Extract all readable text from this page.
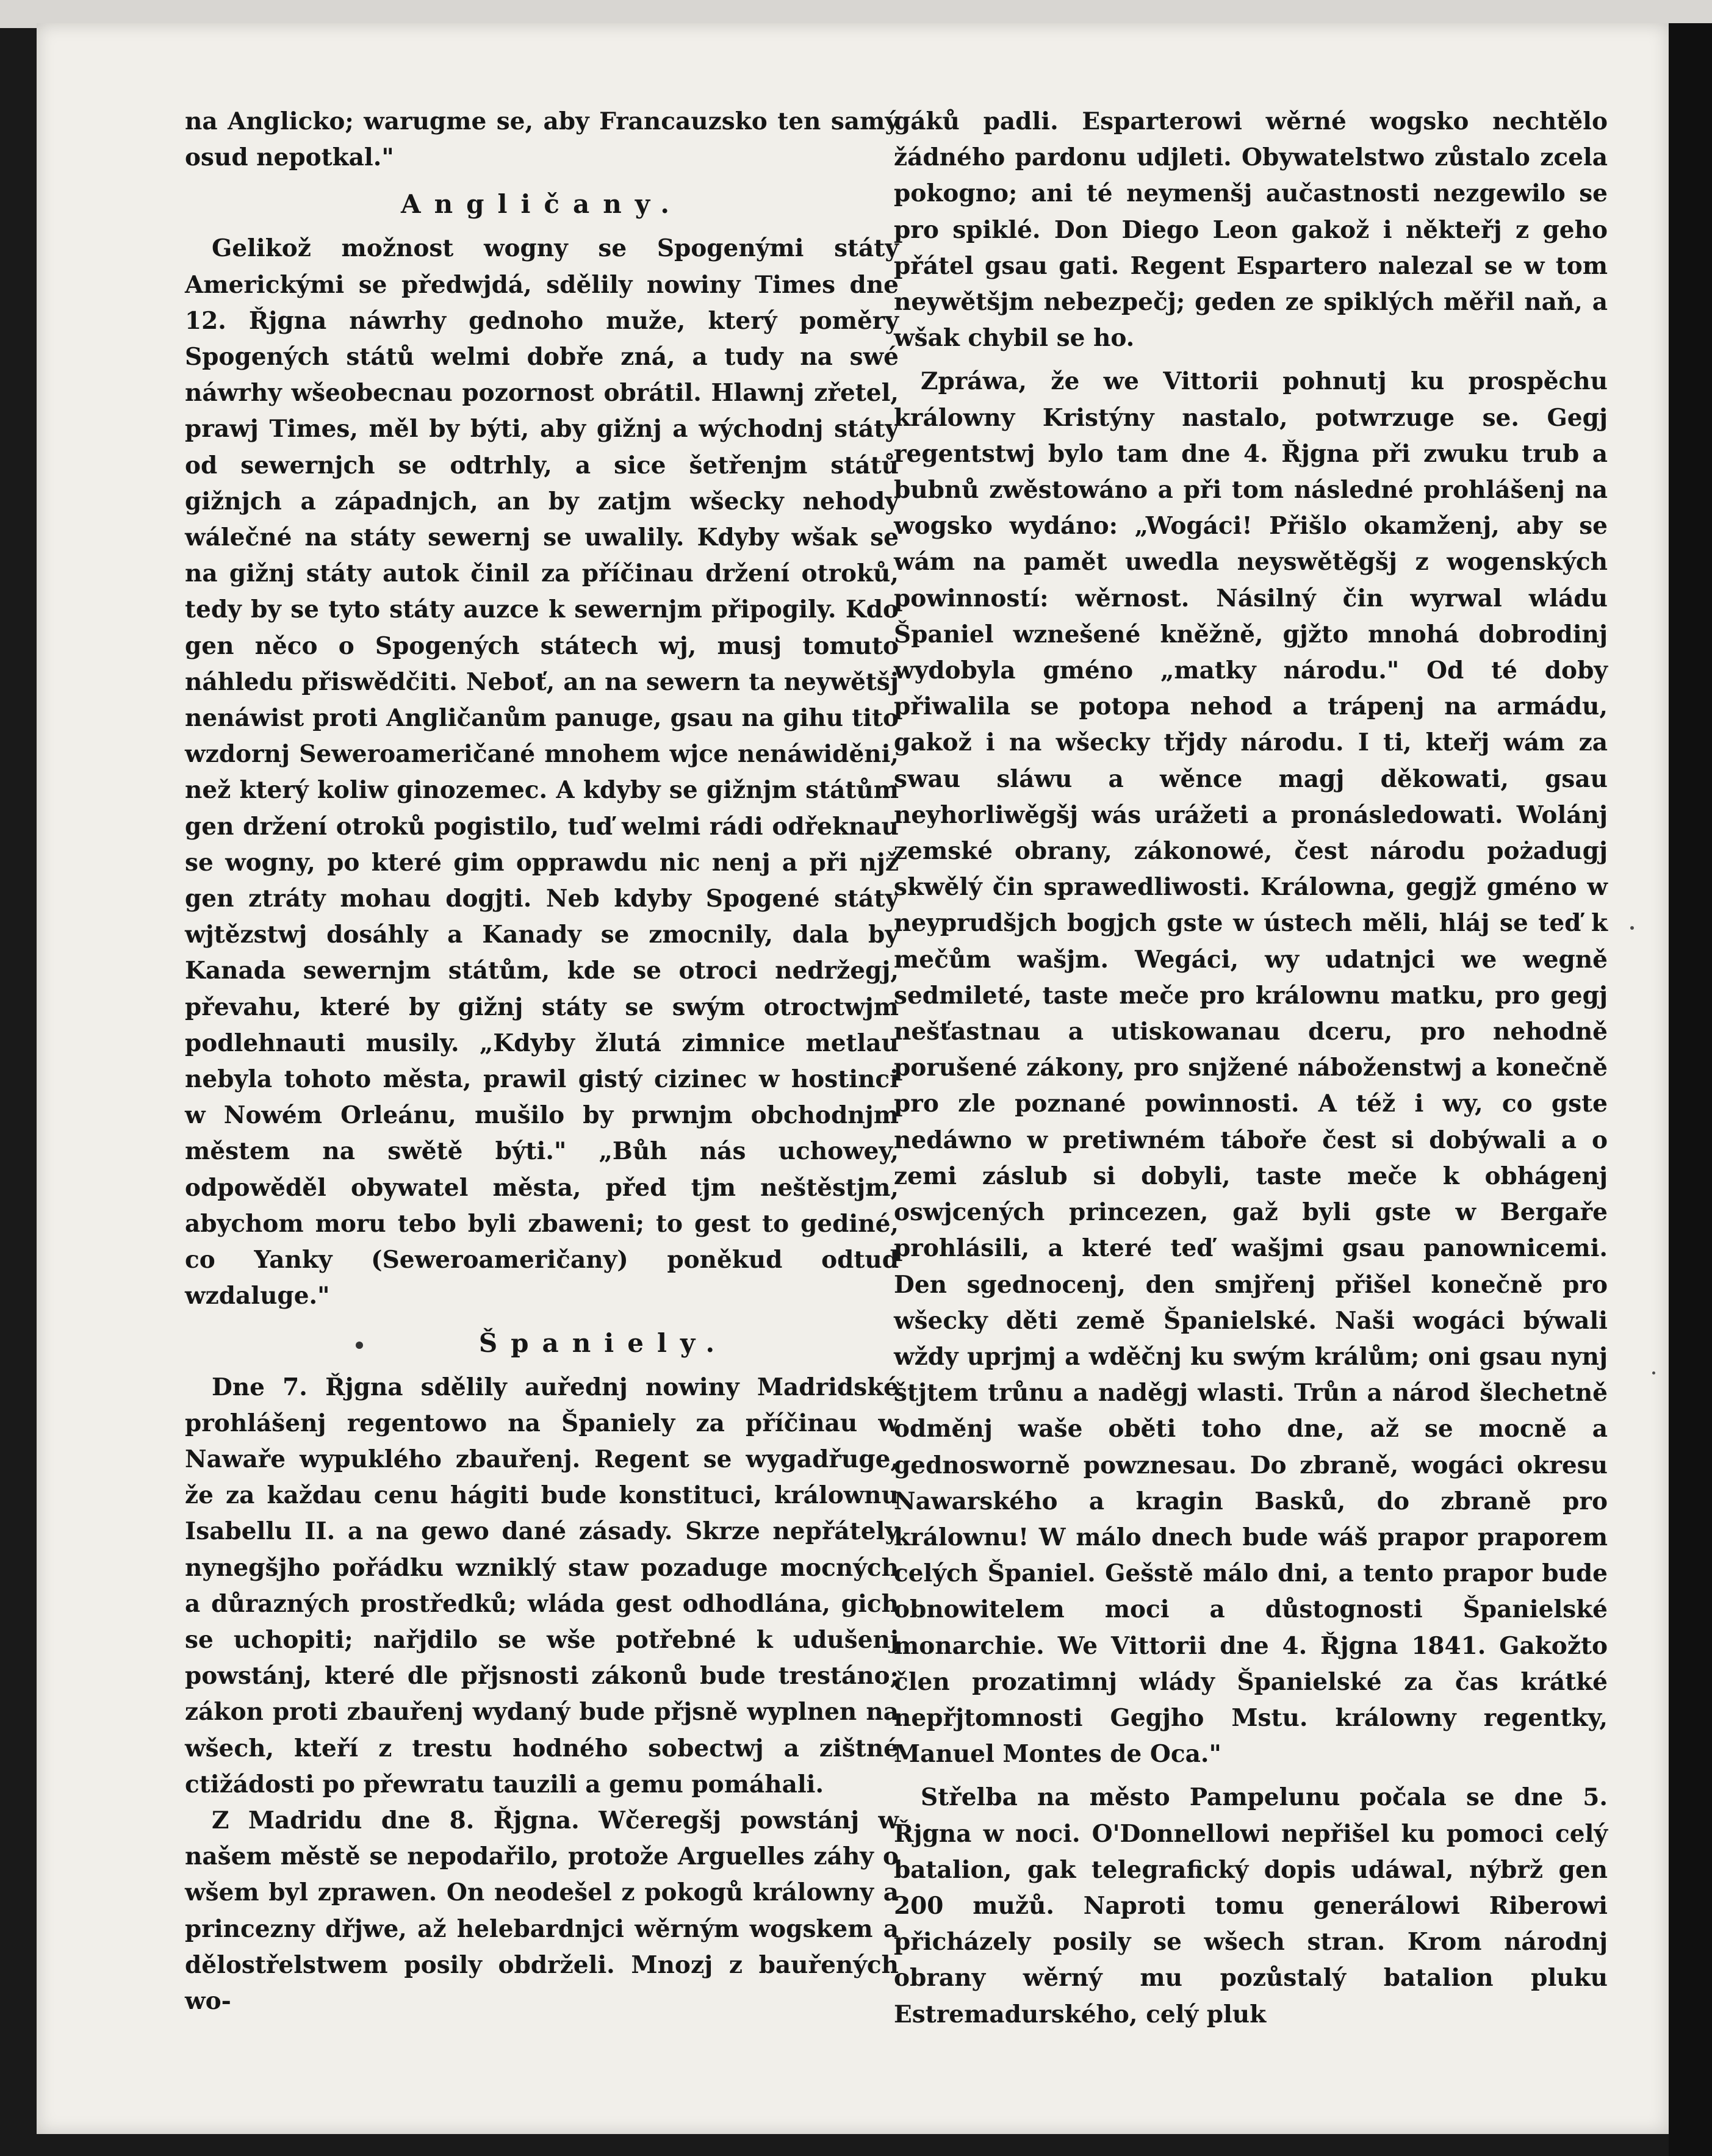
na Anglicko; warugme se, aby Francauzsko ten samý osud nepotkal."

Angličany.

Gelikož možnost wogny se Spogenými státy Americkými se předwjdá, sdělily nowiny Times dne 12. Řjgna náwrhy gednoho muže, který poměry Spogených států welmi dobře zná, a tudy na swé náwrhy wšeobecnau pozornost obrátil. Hlawnj zřetel, prawj Times, měl by býti, aby gižnj a wýchodnj státy od sewernjch se odtrhly, a sice šetřenjm států gižnjch a západnjch, an by zatjm wšecky nehody wálečné na státy sewernj se uwalily. Kdyby wšak se na gižnj státy autok činil za příčinau držení otroků, tedy by se tyto státy auzce k sewernjm připogily. Kdo gen něco o Spogených státech wj, musj tomuto náhledu přiswědčiti. Neboť, an na sewern ta neywětšj nenáwist proti Angličanům panuge, gsau na gihu tito wzdornj Seweroameričané mnohem wjce nenáwiděni, než který koliw ginozemec. A kdyby se gižnjm státům gen držení otroků pogistilo, tuď welmi rádi odřeknau se wogny, po které gim opprawdu nic nenj a při njž gen ztráty mohau dogjti. Neb kdyby Spogené státy wjtězstwj dosáhly a Kanady se zmocnily, dala by Kanada sewernjm státům, kde se otroci nedržegj, převahu, které by gižnj státy se swým otroctwjm podlehnauti musily. „Kdyby žlutá zimnice metlau nebyla tohoto města, prawil gistý cizinec w hostinci w Nowém Orleánu, mušilo by prwnjm obchodnjm městem na swětě býti." „Bůh nás uchowey, odpowěděl obywatel města, před tjm neštěstjm, abychom moru tebo byli zbaweni; to gest to gediné, co Yanky (Seweroameričany) poněkud odtud wzdaluge."

Španiely.

Dne 7. Řjgna sdělily auřednj nowiny Madridské prohlášenj regentowo na Španiely za příčinau w Nawaře wypuklého zbauřenj. Regent se wygadřuge, že za každau cenu hágiti bude konstituci, králownu Isabellu II. a na gewo dané zásady. Skrze nepřátely nynegšjho pořádku wzniklý staw pozaduge mocných a důrazných prostředků; wláda gest odhodlána, gich se uchopiti; nařjdilo se wše potřebné k udušenj powstánj, které dle přjsnosti zákonů bude trestáno; zákon proti zbauřenj wydaný bude přjsně wyplnen na wšech, kteří z trestu hodného sobectwj a zištné ctižádosti po přewratu tauzili a gemu pomáhali.

Z Madridu dne 8. Řjgna. Wčeregšj powstánj w našem městě se nepodařilo, protože Arguelles záhy o wšem byl zprawen. On neodešel z pokogů králowny a princezny dřjwe, až helebardnjci wěrným wogskem a dělostřelstwem posily obdrželi. Mnozj z bauřených wo-

gáků padli. Esparterowi wěrné wogsko nechtělo žádného pardonu udjleti. Obywatelstwo zůstalo zcela pokogno; ani té neymenšj aučastnosti nezgewilo se pro spiklé. Don Diego Leon gakož i někteřj z geho přátel gsau gati. Regent Espartero nalezal se w tom neywětšjm nebezpečj; geden ze spiklých měřil naň, a wšak chybil se ho.

Zpráwa, že we Vittorii pohnutj ku prospěchu králowny Kristýny nastalo, potwrzuge se. Gegj regentstwj bylo tam dne 4. Řjgna při zwuku trub a bubnů zwěstowáno a při tom následné prohlášenj na wogsko wydáno: „Wogáci! Přišlo okamženj, aby se wám na pamět uwedla neyswětěgšj z wogenských powinností: wěrnost. Násilný čin wyrwal wládu Španiel wznešené kněžně, gjžto mnohá dobrodinj wydobyla gméno „matky národu." Od té doby přiwalila se potopa nehod a trápenj na armádu, gakož i na wšecky třjdy národu. I ti, kteřj wám za swau sláwu a wěnce magj děkowati, gsau neyhorliwěgšj wás urážeti a pronásledowati. Wolánj zemské obrany, zákonowé, čest národu pożadugj skwělý čin sprawedliwosti. Králowna, gegjž gméno w neyprudšjch bogjch gste w ústech měli, hláj se teď k mečům wašjm. Wegáci, wy udatnjci we wegně sedmileté, taste meče pro králownu matku, pro gegj nešťastnau a utiskowanau dceru, pro nehodně porušené zákony, pro snjžené náboženstwj a konečně pro zle poznané powinnosti. A též i wy, co gste nedáwno w pretiwném táboře čest si dobýwali a o zemi záslub si dobyli, taste meče k obhágenj oswjcených princezen, gaž byli gste w Bergaře prohlásili, a které teď wašjmi gsau panownicemi. Den sgednocenj, den smjřenj přišel konečně pro wšecky děti země Španielské. Naši wogáci býwali wždy uprjmj a wděčnj ku swým králům; oni gsau nynj štjtem trůnu a naděgj wlasti. Trůn a národ šlechetně odměnj waše oběti toho dne, až se mocně a gednosworně powznesau. Do zbraně, wogáci okresu Nawarského a kragin Basků, do zbraně pro králownu! W málo dnech bude wáš prapor praporem celých Španiel. Gešstě málo dni, a tento prapor bude obnowitelem moci a důstognosti Španielské monarchie. We Vittorii dne 4. Řjgna 1841. Gakožto člen prozatimnj wlády Španielské za čas krátké nepřjtomnosti Gegjho Mstu. králowny regentky, Manuel Montes de Oca."

Střelba na město Pampelunu počala se dne 5. Řjgna w noci. O'Donnellowi nepřišel ku pomoci celý batalion, gak telegrafický dopis udáwal, nýbrž gen 200 mužů. Naproti tomu generálowi Riberowi přicházely posily se wšech stran. Krom národnj obrany wěrný mu pozůstalý batalion pluku Estremadurského, celý pluk
